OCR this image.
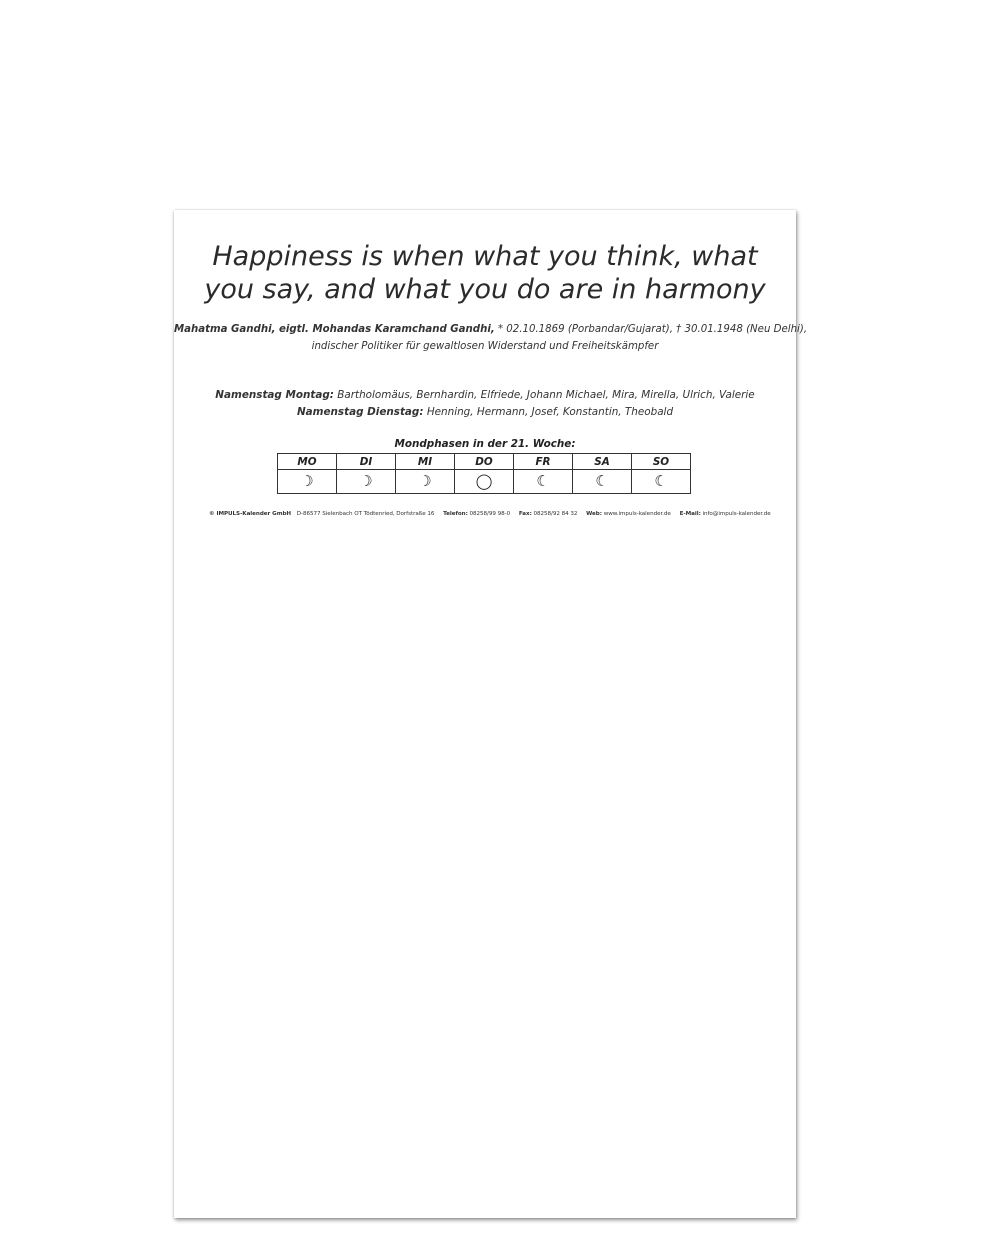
Happiness is when what you think, what
you say, and what you do are in harmony
Mahatma Gandhi, eigtl. Mohandas Karamchand Gandhi, * 02.10.1869 (Porbandar/Gujarat), † 30.01.1948 (Neu Delhi),
indischer Politiker für gewaltlosen Widerstand und Freiheitskämpfer
Namenstag Montag: Bartholomäus, Bernhardin, Elfriede, Johann Michael, Mira, Mirella, Ulrich, Valerie
Namenstag Dienstag: Henning, Hermann, Josef, Konstantin, Theobald
Mondphasen in der 21. Woche:
MO	DI	MI	DO	FR	SA	SO
☽	☽	☽	◯	☾	☾	☾
© IMPULS-Kalender GmbH D-86577 Sielenbach OT Tödtenried, Dorfstraße 16 Telefon: 08258/99 98-0 Fax: 08258/92 84 32 Web: www.impuls-kalender.de E-Mail: info@impuls-kalender.de
